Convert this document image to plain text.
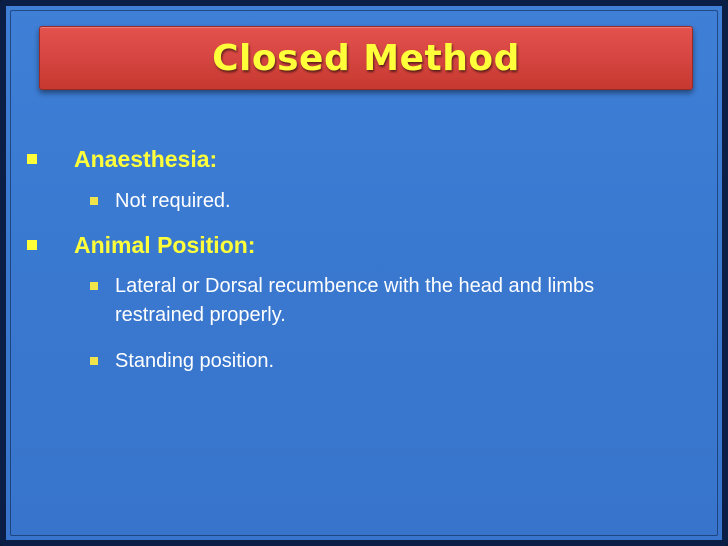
Closed Method
Anaesthesia:
Not required.
Animal Position:
Lateral or Dorsal recumbence with the head and limbs restrained properly.
Standing position.
